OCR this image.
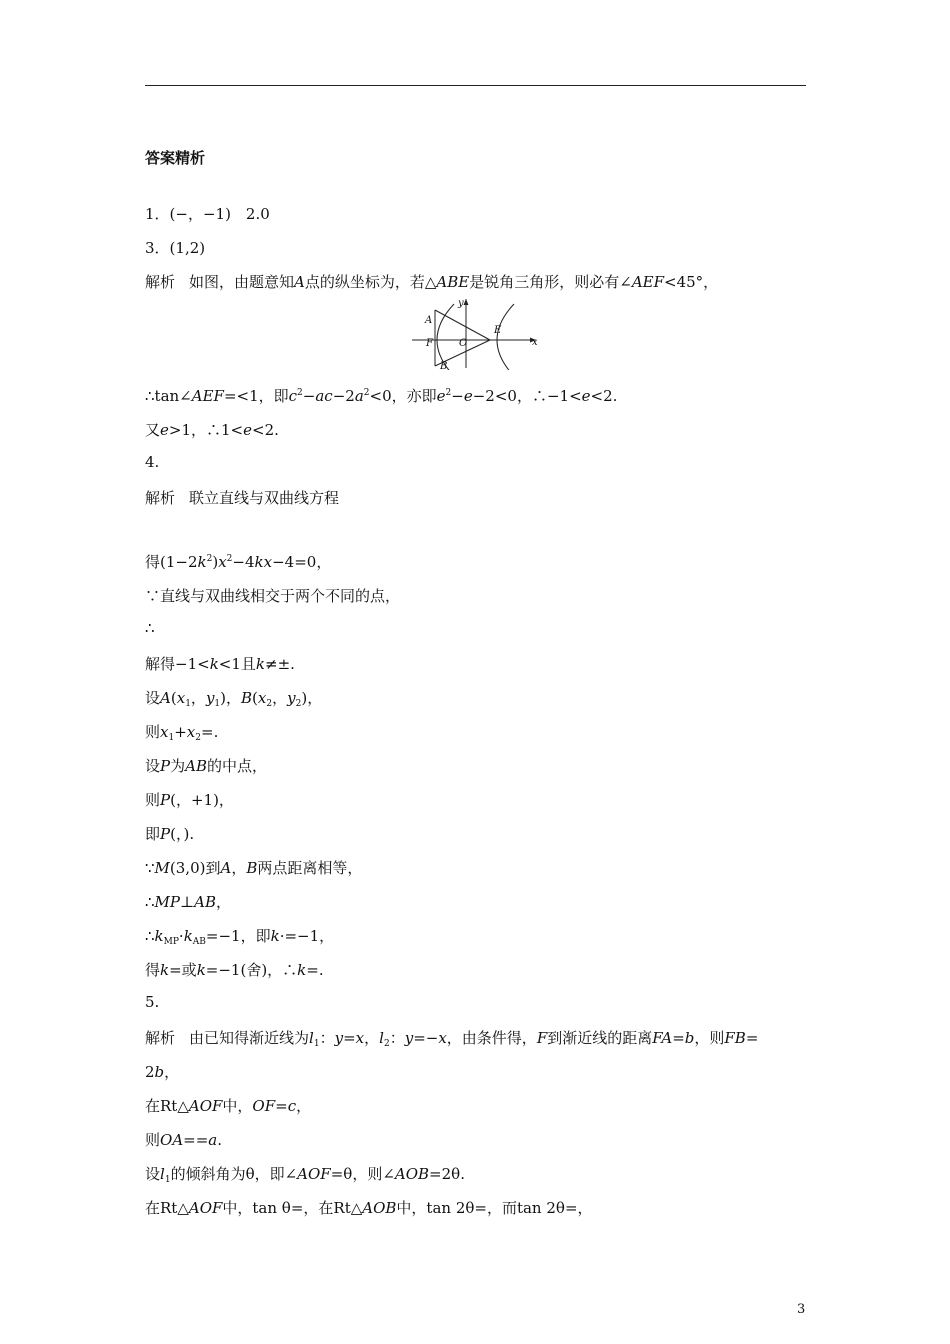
答案精析
1．(−，−1)　2.0
3．(1,2)
解析 如图，由题意知A点的纵坐标为，若△ABE是锐角三角形，则必有∠AEF<45°，
y
A
E
x
F	O
B
∴tan∠AEF=<1，即$c^2-ac-2a^2<0$，亦即$e^2-e-2<0$，∴−1<e<2.
又e>1，∴1<e<2.
4.
解析 联立直线与双曲线方程
得$(1-2k^2)x^2-4kx-4=0$，
∵直线与双曲线相交于两个不同的点，
∴
解得−1<k<1且k≠±.
设$A(x_1$，$y_1$)，$B(x_2$，$y_2$)，
则$x_1+x_2=$.
设P为AB的中点，
则P(，+1)，
即P(，).
∵M(3,0)到A，B两点距离相等，
∴MP⊥AB，
$\therefore k_{MP}\cdot k_{AB}=-1$，即k·=−1，
得k=或k=−1(舍)，∴k=.
5.
解析 由已知得渐近线为$l_1$：y=x，$l_2$：y=−x，由条件得，F到渐近线的距离FA=b，则FB=
2b，
在Rt△AOF中，OF=c，
则OA==a.
设$l_1$的倾斜角为θ，即∠AOF=θ，则∠AOB=2θ.
在Rt△AOF中，tan θ=，在Rt△AOB中，tan 2θ=，而tan 2θ=，
3
